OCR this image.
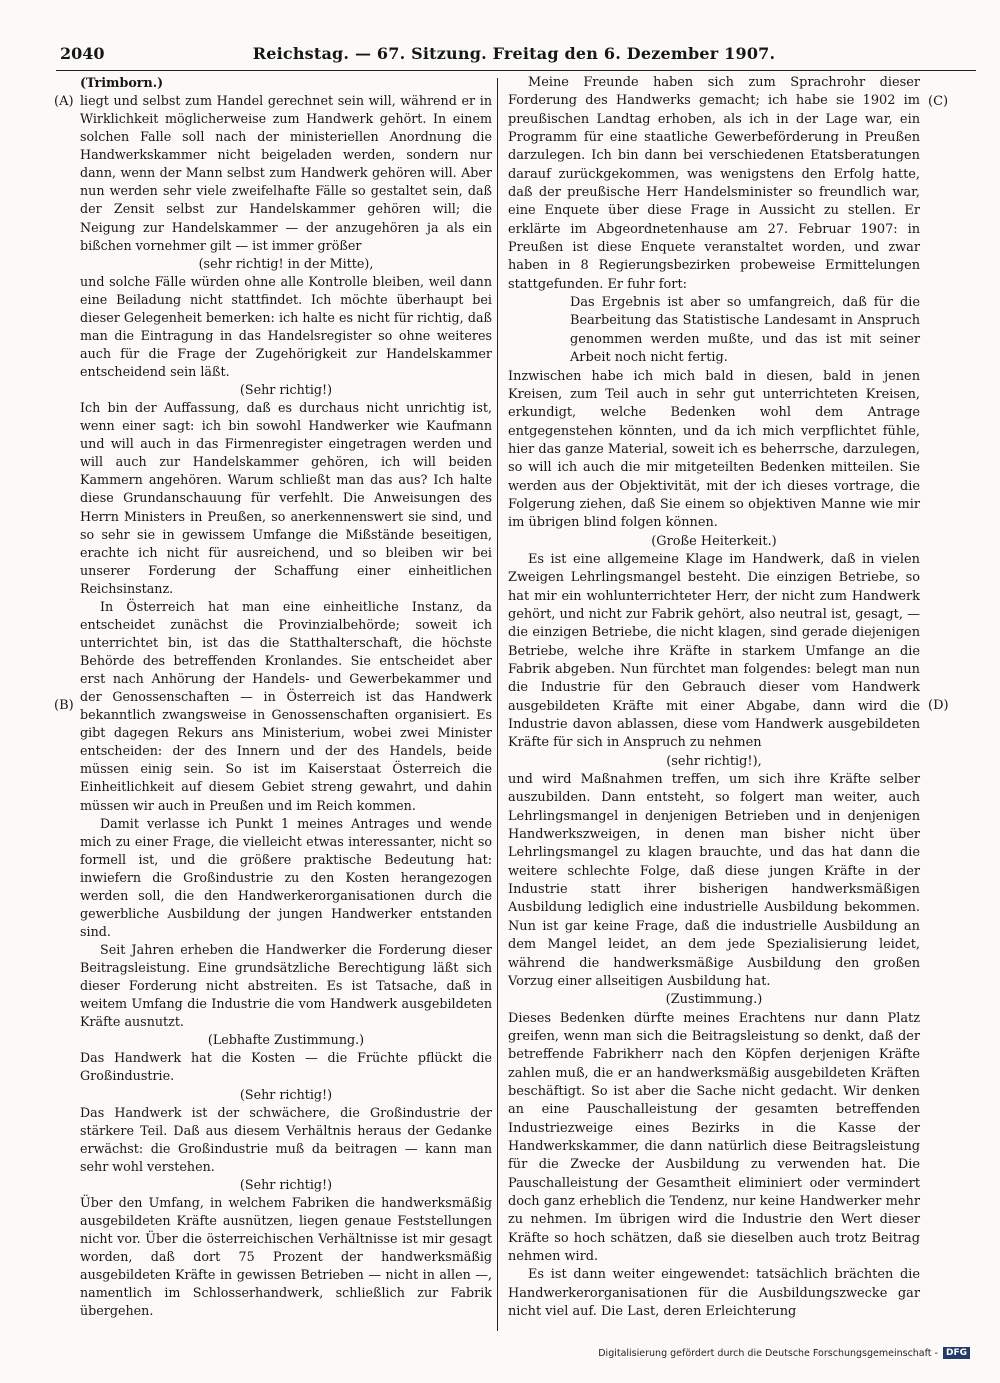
2040	Reichstag. — 67. Sitzung. Freitag den 6. Dezember 1907.
(A)
(B)
(C)
(D)

(Trimborn.)

liegt und selbst zum Handel gerechnet sein will, während er in Wirklichkeit möglicherweise zum Handwerk gehört. In einem solchen Falle soll nach der ministeriellen Anordnung die Handwerkskammer nicht beigeladen werden, sondern nur dann, wenn der Mann selbst zum Handwerk gehören will. Aber nun werden sehr viele zweifelhafte Fälle so gestaltet sein, daß der Zensit selbst zur Handelskammer gehören will; die Neigung zur Handelskammer — der anzugehören ja als ein bißchen vornehmer gilt — ist immer größer

(sehr richtig! in der Mitte),

und solche Fälle würden ohne alle Kontrolle bleiben, weil dann eine Beiladung nicht stattfindet. Ich möchte überhaupt bei dieser Gelegenheit bemerken: ich halte es nicht für richtig, daß man die Eintragung in das Handelsregister so ohne weiteres auch für die Frage der Zugehörigkeit zur Handelskammer entscheidend sein läßt.

(Sehr richtig!)

Ich bin der Auffassung, daß es durchaus nicht unrichtig ist, wenn einer sagt: ich bin sowohl Handwerker wie Kaufmann und will auch in das Firmenregister eingetragen werden und will auch zur Handelskammer gehören, ich will beiden Kammern angehören. Warum schließt man das aus? Ich halte diese Grundanschauung für verfehlt. Die Anweisungen des Herrn Ministers in Preußen, so anerkennenswert sie sind, und so sehr sie in gewissem Umfange die Mißstände beseitigen, erachte ich nicht für ausreichend, und so bleiben wir bei unserer Forderung der Schaffung einer einheitlichen Reichsinstanz.

In Österreich hat man eine einheitliche Instanz, da entscheidet zunächst die Provinzialbehörde; soweit ich unterrichtet bin, ist das die Statthalterschaft, die höchste Behörde des betreffenden Kronlandes. Sie entscheidet aber erst nach Anhörung der Handels- und Gewerbekammer und der Genossenschaften — in Österreich ist das Handwerk bekanntlich zwangsweise in Genossenschaften organisiert. Es gibt dagegen Rekurs ans Ministerium, wobei zwei Minister entscheiden: der des Innern und der des Handels, beide müssen einig sein. So ist im Kaiserstaat Österreich die Einheitlichkeit auf diesem Gebiet streng gewahrt, und dahin müssen wir auch in Preußen und im Reich kommen.

Damit verlasse ich Punkt 1 meines Antrages und wende mich zu einer Frage, die vielleicht etwas interessanter, nicht so formell ist, und die größere praktische Bedeutung hat: inwiefern die Großindustrie zu den Kosten herangezogen werden soll, die den Handwerkerorganisationen durch die gewerbliche Ausbildung der jungen Handwerker entstanden sind.

Seit Jahren erheben die Handwerker die Forderung dieser Beitragsleistung. Eine grundsätzliche Berechtigung läßt sich dieser Forderung nicht abstreiten. Es ist Tatsache, daß in weitem Umfang die Industrie die vom Handwerk ausgebildeten Kräfte ausnutzt.

(Lebhafte Zustimmung.)

Das Handwerk hat die Kosten — die Früchte pflückt die Großindustrie.

(Sehr richtig!)

Das Handwerk ist der schwächere, die Großindustrie der stärkere Teil. Daß aus diesem Verhältnis heraus der Gedanke erwächst: die Großindustrie muß da beitragen — kann man sehr wohl verstehen.

(Sehr richtig!)

Über den Umfang, in welchem Fabriken die handwerksmäßig ausgebildeten Kräfte ausnützen, liegen genaue Feststellungen nicht vor. Über die österreichischen Verhältnisse ist mir gesagt worden, daß dort 75 Prozent der handwerksmäßig ausgebildeten Kräfte in gewissen Betrieben — nicht in allen —, namentlich im Schlosserhandwerk, schließlich zur Fabrik übergehen.

Meine Freunde haben sich zum Sprachrohr dieser Forderung des Handwerks gemacht; ich habe sie 1902 im preußischen Landtag erhoben, als ich in der Lage war, ein Programm für eine staatliche Gewerbeförderung in Preußen darzulegen. Ich bin dann bei verschiedenen Etatsberatungen darauf zurückgekommen, was wenigstens den Erfolg hatte, daß der preußische Herr Handelsminister so freundlich war, eine Enquete über diese Frage in Aussicht zu stellen. Er erklärte im Abgeordnetenhause am 27. Februar 1907: in Preußen ist diese Enquete veranstaltet worden, und zwar haben in 8 Regierungsbezirken probeweise Ermittelungen stattgefunden. Er fuhr fort:

Das Ergebnis ist aber so umfangreich, daß für die Bearbeitung das Statistische Landesamt in Anspruch genommen werden mußte, und das ist mit seiner Arbeit noch nicht fertig.

Inzwischen habe ich mich bald in diesen, bald in jenen Kreisen, zum Teil auch in sehr gut unterrichteten Kreisen, erkundigt, welche Bedenken wohl dem Antrage entgegenstehen könnten, und da ich mich verpflichtet fühle, hier das ganze Material, soweit ich es beherrsche, darzulegen, so will ich auch die mir mitgeteilten Bedenken mitteilen. Sie werden aus der Objektivität, mit der ich dieses vortrage, die Folgerung ziehen, daß Sie einem so objektiven Manne wie mir im übrigen blind folgen können.

(Große Heiterkeit.)

Es ist eine allgemeine Klage im Handwerk, daß in vielen Zweigen Lehrlingsmangel besteht. Die einzigen Betriebe, so hat mir ein wohlunterrichteter Herr, der nicht zum Handwerk gehört, und nicht zur Fabrik gehört, also neutral ist, gesagt, — die einzigen Betriebe, die nicht klagen, sind gerade diejenigen Betriebe, welche ihre Kräfte in starkem Umfange an die Fabrik abgeben. Nun fürchtet man folgendes: belegt man nun die Industrie für den Gebrauch dieser vom Handwerk ausgebildeten Kräfte mit einer Abgabe, dann wird die Industrie davon ablassen, diese vom Handwerk ausgebildeten Kräfte für sich in Anspruch zu nehmen

(sehr richtig!),

und wird Maßnahmen treffen, um sich ihre Kräfte selber auszubilden. Dann entsteht, so folgert man weiter, auch Lehrlingsmangel in denjenigen Betrieben und in denjenigen Handwerkszweigen, in denen man bisher nicht über Lehrlingsmangel zu klagen brauchte, und das hat dann die weitere schlechte Folge, daß diese jungen Kräfte in der Industrie statt ihrer bisherigen handwerksmäßigen Ausbildung lediglich eine industrielle Ausbildung bekommen. Nun ist gar keine Frage, daß die industrielle Ausbildung an dem Mangel leidet, an dem jede Spezialisierung leidet, während die handwerksmäßige Ausbildung den großen Vorzug einer allseitigen Ausbildung hat.

(Zustimmung.)

Dieses Bedenken dürfte meines Erachtens nur dann Platz greifen, wenn man sich die Beitragsleistung so denkt, daß der betreffende Fabrikherr nach den Köpfen derjenigen Kräfte zahlen muß, die er an handwerksmäßig ausgebildeten Kräften beschäftigt. So ist aber die Sache nicht gedacht. Wir denken an eine Pauschalleistung der gesamten betreffenden Industriezweige eines Bezirks in die Kasse der Handwerkskammer, die dann natürlich diese Beitragsleistung für die Zwecke der Ausbildung zu verwenden hat. Die Pauschalleistung der Gesamtheit eliminiert oder vermindert doch ganz erheblich die Tendenz, nur keine Handwerker mehr zu nehmen. Im übrigen wird die Industrie den Wert dieser Kräfte so hoch schätzen, daß sie dieselben auch trotz Beitrag nehmen wird.

Es ist dann weiter eingewendet: tatsächlich brächten die Handwerkerorganisationen für die Ausbildungszwecke gar nicht viel auf. Die Last, deren Erleichterung

Digitalisierung gefördert durch die Deutsche Forschungsgemeinschaft - DFG
